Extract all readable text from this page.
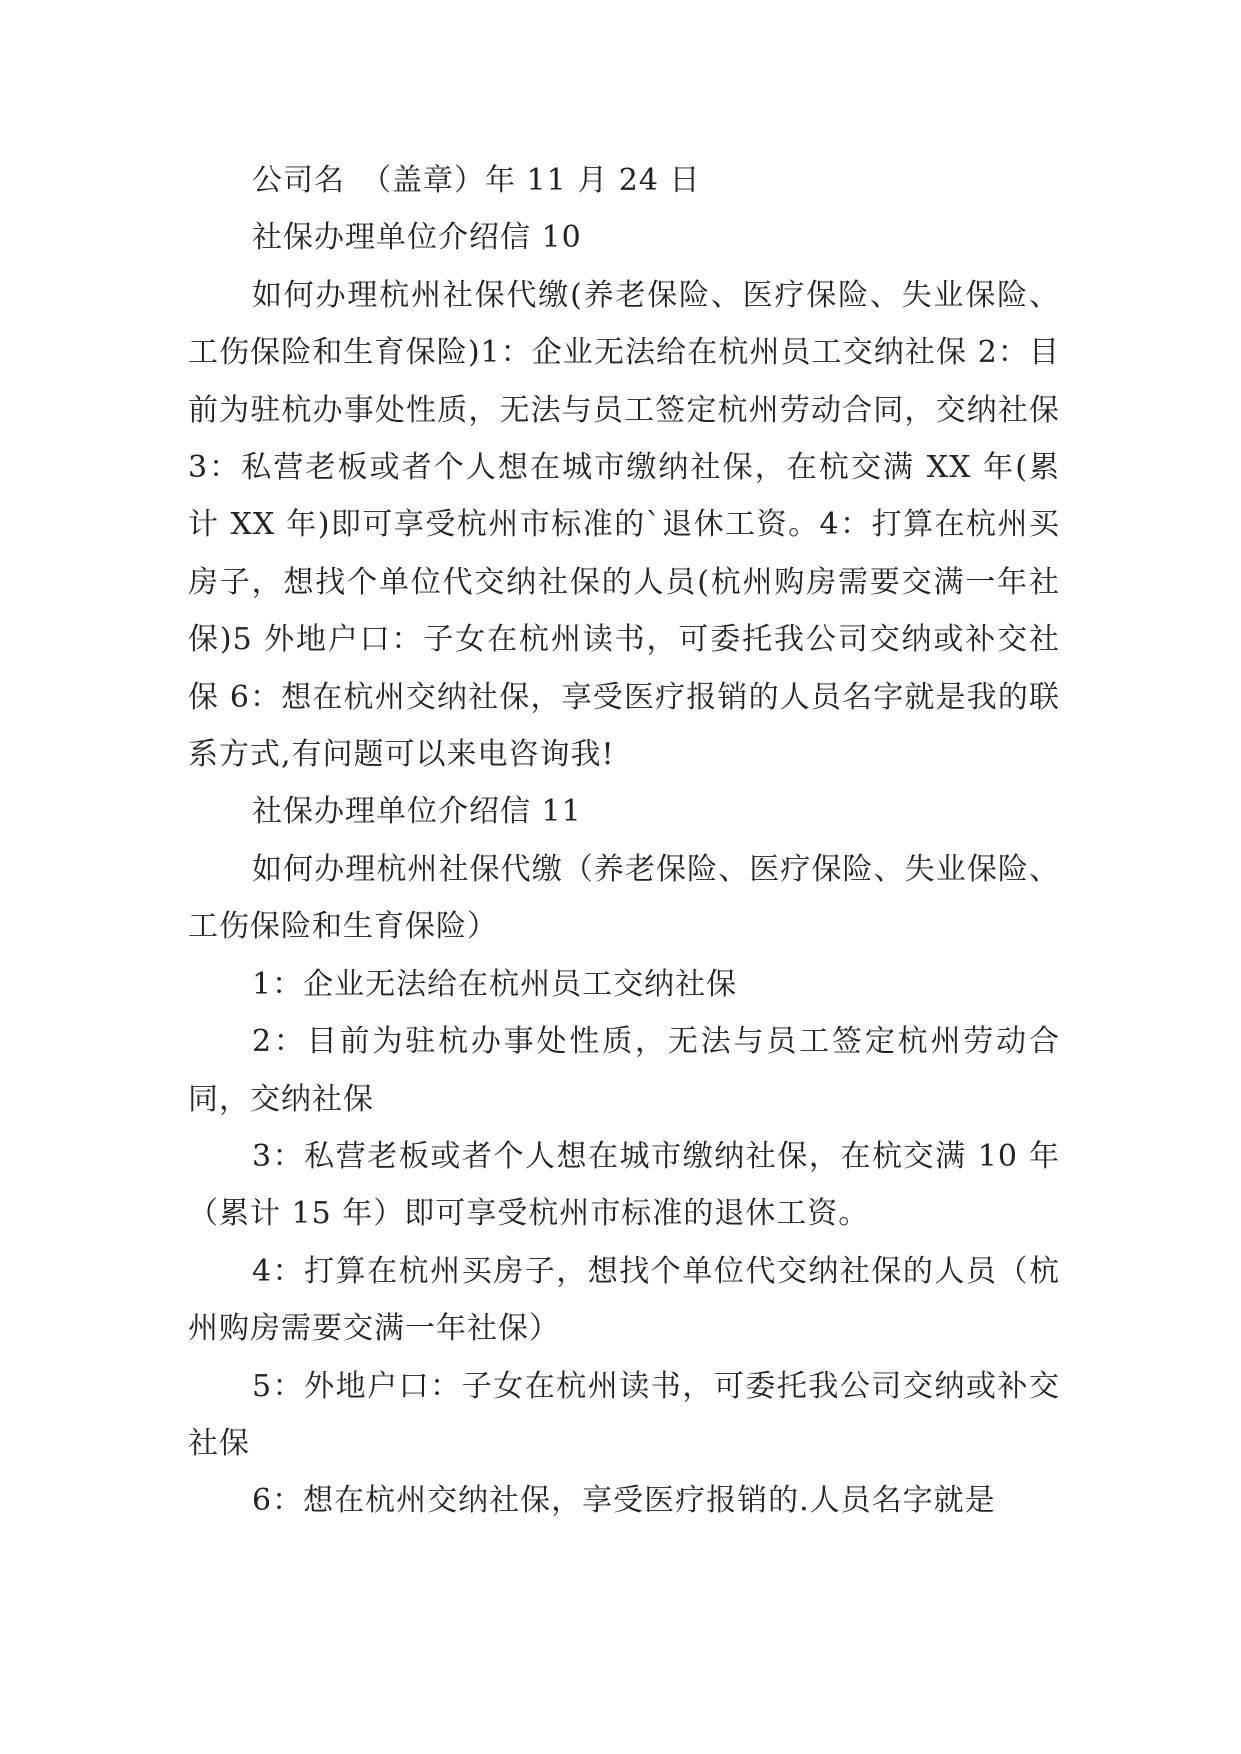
公司名　（盖章）年 11 月 24 日

社保办理单位介绍信 10

如何办理杭州社保代缴(养老保险、医疗保险、失业保险、工伤保险和生育保险)1：企业无法给在杭州员工交纳社保 2：目前为驻杭办事处性质，无法与员工签定杭州劳动合同，交纳社保 3：私营老板或者个人想在城市缴纳社保，在杭交满 XX 年(累计 XX 年)即可享受杭州市标准的`退休工资。4：打算在杭州买房子，想找个单位代交纳社保的人员(杭州购房需要交满一年社保)5 外地户口：子女在杭州读书，可委托我公司交纳或补交社保 6：想在杭州交纳社保，享受医疗报销的人员名字就是我的联系方式,有问题可以来电咨询我!

社保办理单位介绍信 11

如何办理杭州社保代缴（养老保险、医疗保险、失业保险、工伤保险和生育保险）

1：企业无法给在杭州员工交纳社保

2：目前为驻杭办事处性质，无法与员工签定杭州劳动合同，交纳社保

3：私营老板或者个人想在城市缴纳社保，在杭交满 10 年（累计 15 年）即可享受杭州市标准的退休工资。

4：打算在杭州买房子，想找个单位代交纳社保的人员（杭州购房需要交满一年社保）

5：外地户口：子女在杭州读书，可委托我公司交纳或补交社保

6：想在杭州交纳社保，享受医疗报销的.人员名字就是
